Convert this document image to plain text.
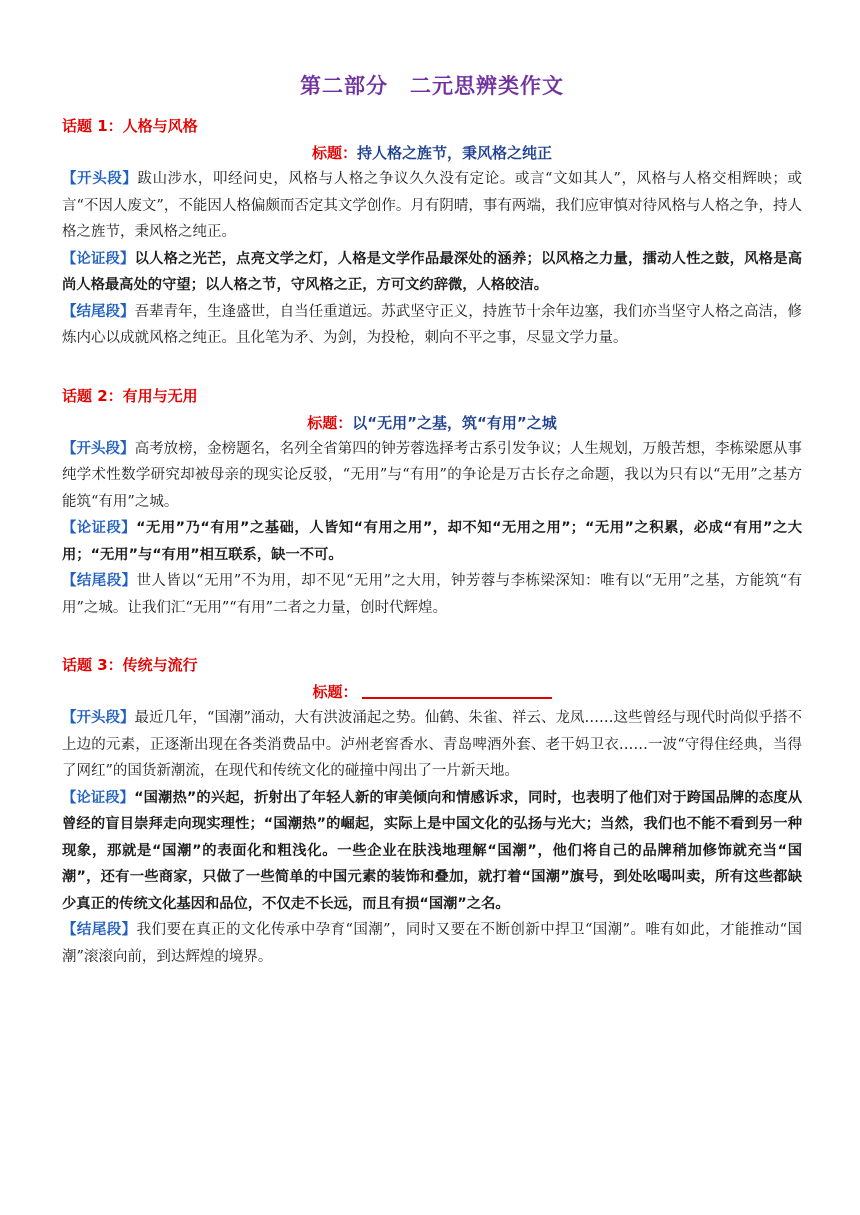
第二部分　二元思辨类作文

话题 1：人格与风格

标题：持人格之旌节，秉风格之纯正

【开头段】跋山涉水，叩经问史，风格与人格之争议久久没有定论。或言“文如其人”，风格与人格交相辉映；或言“不因人废文”，不能因人格偏颇而否定其文学创作。月有阴晴，事有两端，我们应审慎对待风格与人格之争，持人格之旌节，秉风格之纯正。

【论证段】以人格之光芒，点亮文学之灯，人格是文学作品最深处的涵养；以风格之力量，擂动人性之鼓，风格是高尚人格最高处的守望；以人格之节，守风格之正，方可文约辞微，人格皎洁。

【结尾段】吾辈青年，生逢盛世，自当任重道远。苏武坚守正义，持旌节十余年边塞，我们亦当坚守人格之高洁，修炼内心以成就风格之纯正。且化笔为矛、为剑，为投枪，刺向不平之事，尽显文学力量。

话题 2：有用与无用

标题：以“无用”之基，筑“有用”之城

【开头段】高考放榜，金榜题名，名列全省第四的钟芳蓉选择考古系引发争议；人生规划，万般苦想，李栋梁愿从事纯学术性数学研究却被母亲的现实论反驳，“无用”与“有用”的争论是万古长存之命题，我以为只有以“无用”之基方能筑“有用”之城。

【论证段】“无用”乃“有用”之基础，人皆知“有用之用”，却不知“无用之用”；“无用”之积累，必成“有用”之大用；“无用”与“有用”相互联系，缺一不可。

【结尾段】世人皆以“无用”不为用，却不见“无用”之大用，钟芳蓉与李栋梁深知：唯有以“无用”之基，方能筑“有用”之城。让我们汇“无用”“有用”二者之力量，创时代辉煌。

话题 3：传统与流行

标题：

【开头段】最近几年，“国潮”涌动，大有洪波涌起之势。仙鹤、朱雀、祥云、龙凤……这些曾经与现代时尚似乎搭不上边的元素，正逐渐出现在各类消费品中。泸州老窖香水、青岛啤酒外套、老干妈卫衣……一波“守得住经典，当得了网红”的国货新潮流，在现代和传统文化的碰撞中闯出了一片新天地。

【论证段】“国潮热”的兴起，折射出了年轻人新的审美倾向和情感诉求，同时，也表明了他们对于跨国品牌的态度从曾经的盲目崇拜走向现实理性；“国潮热”的崛起，实际上是中国文化的弘扬与光大；当然，我们也不能不看到另一种现象，那就是“国潮”的表面化和粗浅化。一些企业在肤浅地理解“国潮”，他们将自己的品牌稍加修饰就充当“国潮”，还有一些商家，只做了一些简单的中国元素的装饰和叠加，就打着“国潮”旗号，到处吆喝叫卖，所有这些都缺少真正的传统文化基因和品位，不仅走不长远，而且有损“国潮”之名。

【结尾段】我们要在真正的文化传承中孕育“国潮”，同时又要在不断创新中捍卫“国潮”。唯有如此，才能推动“国潮”滚滚向前，到达辉煌的境界。
